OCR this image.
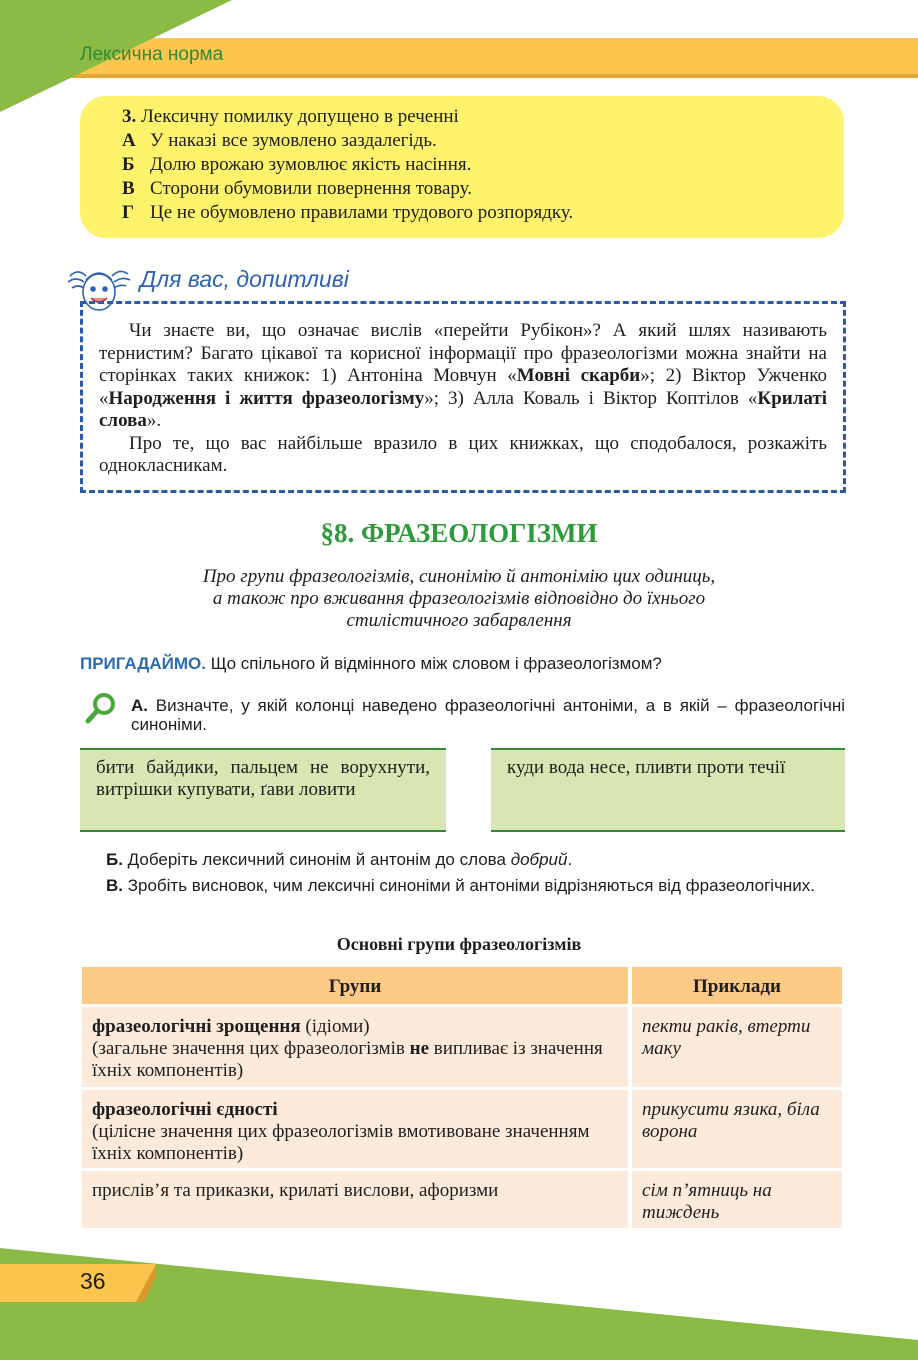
Лексична норма
3. Лексичну помилку допущено в реченні
А У наказі все зумовлено заздалегідь.
Б Долю врожаю зумовлює якість насіння.
В Сторони обумовили повернення товару.
Г Це не обумовлено правилами трудового розпорядку.
Для вас, допитливі

Чи знаєте ви, що означає вислів «перейти Рубікон»? А який шлях називають тернистим? Багато цікавої та корисної інформації про фразеологізми можна знайти на сторінках таких книжок: 1) Антоніна Мовчун «Мовні скарби»; 2) Віктор Ужченко «Народження і життя фразеологізму»; 3) Алла Коваль і Віктор Коптілов «Крилаті слова».

Про те, що вас найбільше вразило в цих книжках, що сподобалося, розкажіть однокласникам.

§8. ФРАЗЕОЛОГІЗМИ
Про групи фразеологізмів, синонімію й антонімію цих одиниць,
а також про вживання фразеологізмів відповідно до їхнього
стилістичного забарвлення
ПРИГАДАЙМО. Що спільного й відмінного між словом і фразеологізмом?
А. Визначте, у якій колонці наведено фразеологічні антоніми, а в якій – фразеологічні синоніми.
бити байдики, пальцем не ворухнути, витрішки купувати, ґави ловити
куди вода несе, пливти проти течії
Б. Доберіть лексичний синонім й антонім до слова добрий.
В. Зробіть висновок, чим лексичні синоніми й антоніми відрізняються від фразеологічних.
Основні групи фразеологізмів
Групи	Приклади
фразеологічні зрощення (ідіоми)
(загальне значення цих фразеологізмів не випливає із значення їхніх компонентів)
пекти раків, втерти маку
фразеологічні єдності
(цілісне значення цих фразеологізмів вмотивоване значенням їхніх компонентів)
прикусити язика, біла ворона
прислів’я та приказки, крилаті вислови, афоризми	сім п’ятниць на тиждень
36
